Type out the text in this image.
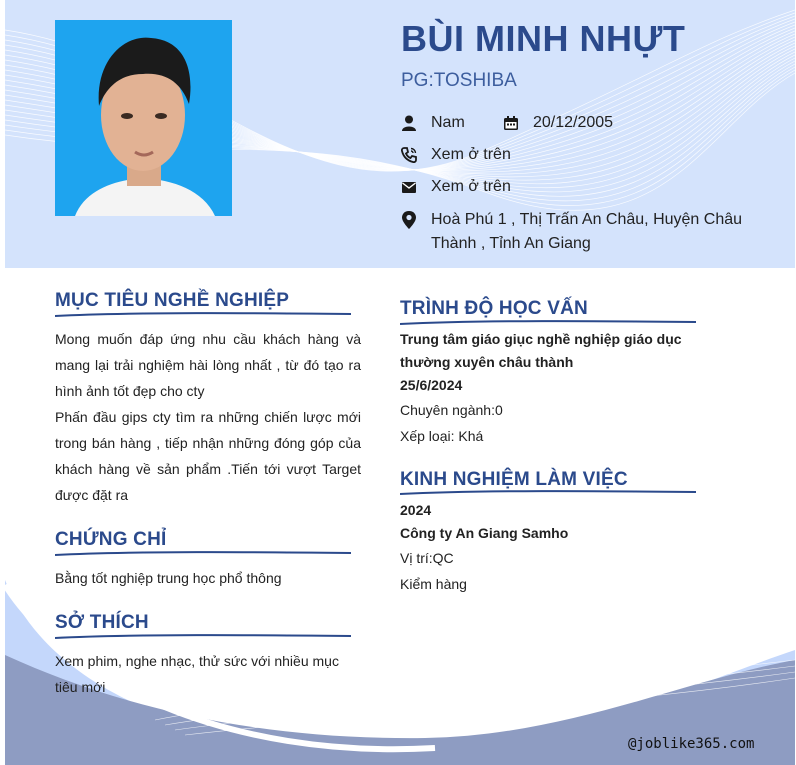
BÙI MINH NHỰT
PG:TOSHIBA
Nam	20/12/2005
Xem ở trên
Xem ở trên
Hoà Phú 1 , Thị Trấn An Châu, Huyện Châu Thành , Tỉnh An Giang
MỤC TIÊU NGHỀ NGHIỆP
Mong muốn đáp ứng nhu cầu khách hàng và mang lại trải nghiệm hài lòng nhất , từ đó tạo ra hình ảnh tốt đẹp cho cty
Phấn đầu gips cty tìm ra những chiến lược mới trong bán hàng , tiếp nhận những đóng góp của khách hàng về sản phẩm .Tiến tới vượt Target được đặt ra
CHỨNG CHỈ
Bằng tốt nghiệp trung học phổ thông
SỞ THÍCH
Xem phim, nghe nhạc, thử sức với nhiều mục tiêu mới
TRÌNH ĐỘ HỌC VẤN
Trung tâm giáo giục nghề nghiệp giáo dục thường xuyên châu thành
25/6/2024
Chuyên ngành:0
Xếp loại: Khá
KINH NGHIỆM LÀM VIỆC
2024
Công ty An Giang Samho
Vị trí:QC
Kiểm hàng
@joblike365.com
